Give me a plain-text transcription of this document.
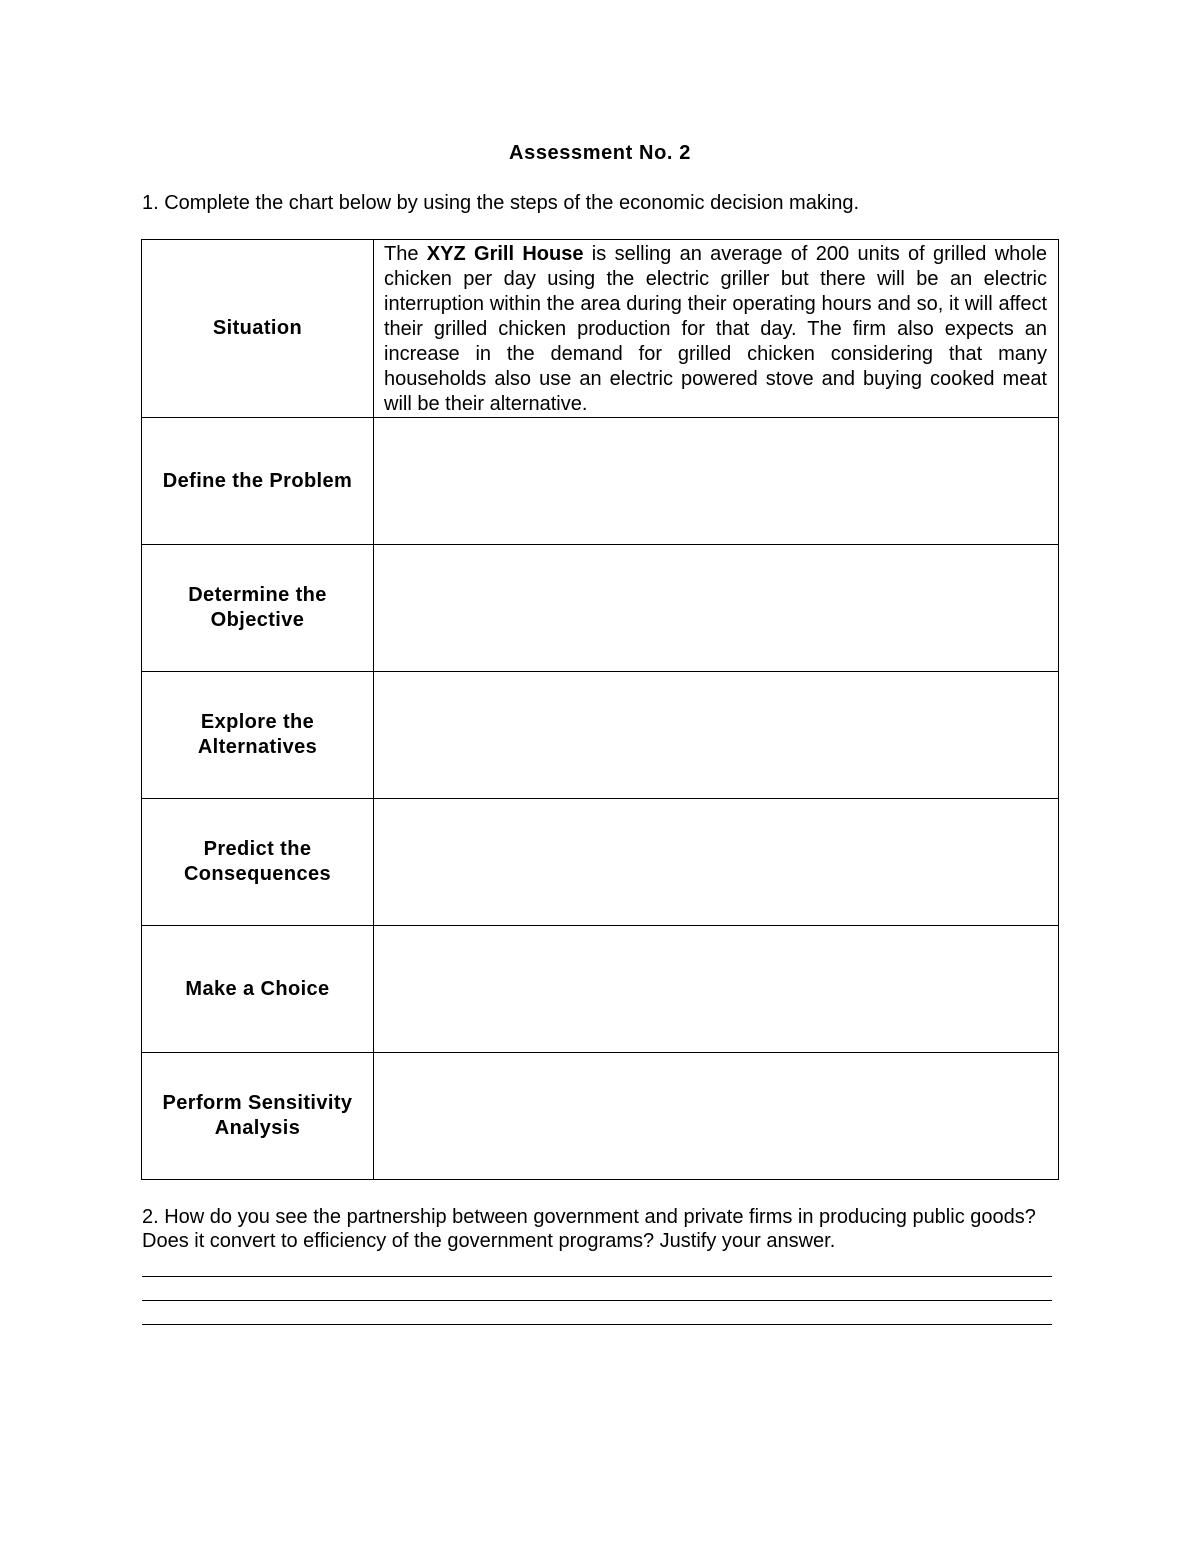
Assessment No. 2
1. Complete the chart below by using the steps of the economic decision making.
Situation	The XYZ Grill House is selling an average of 200 units of grilled whole chicken per day using the electric griller but there will be an electric interruption within the area during their operating hours and so, it will affect their grilled chicken production for that day. The firm also expects an increase in the demand for grilled chicken considering that many households also use an electric powered stove and buying cooked meat will be their alternative.
Define the Problem	
Determine the Objective	
Explore the Alternatives	
Predict the Consequences	
Make a Choice	
Perform Sensitivity Analysis	
2. How do you see the partnership between government and private firms in producing public goods? Does it convert to efficiency of the government programs? Justify your answer.
